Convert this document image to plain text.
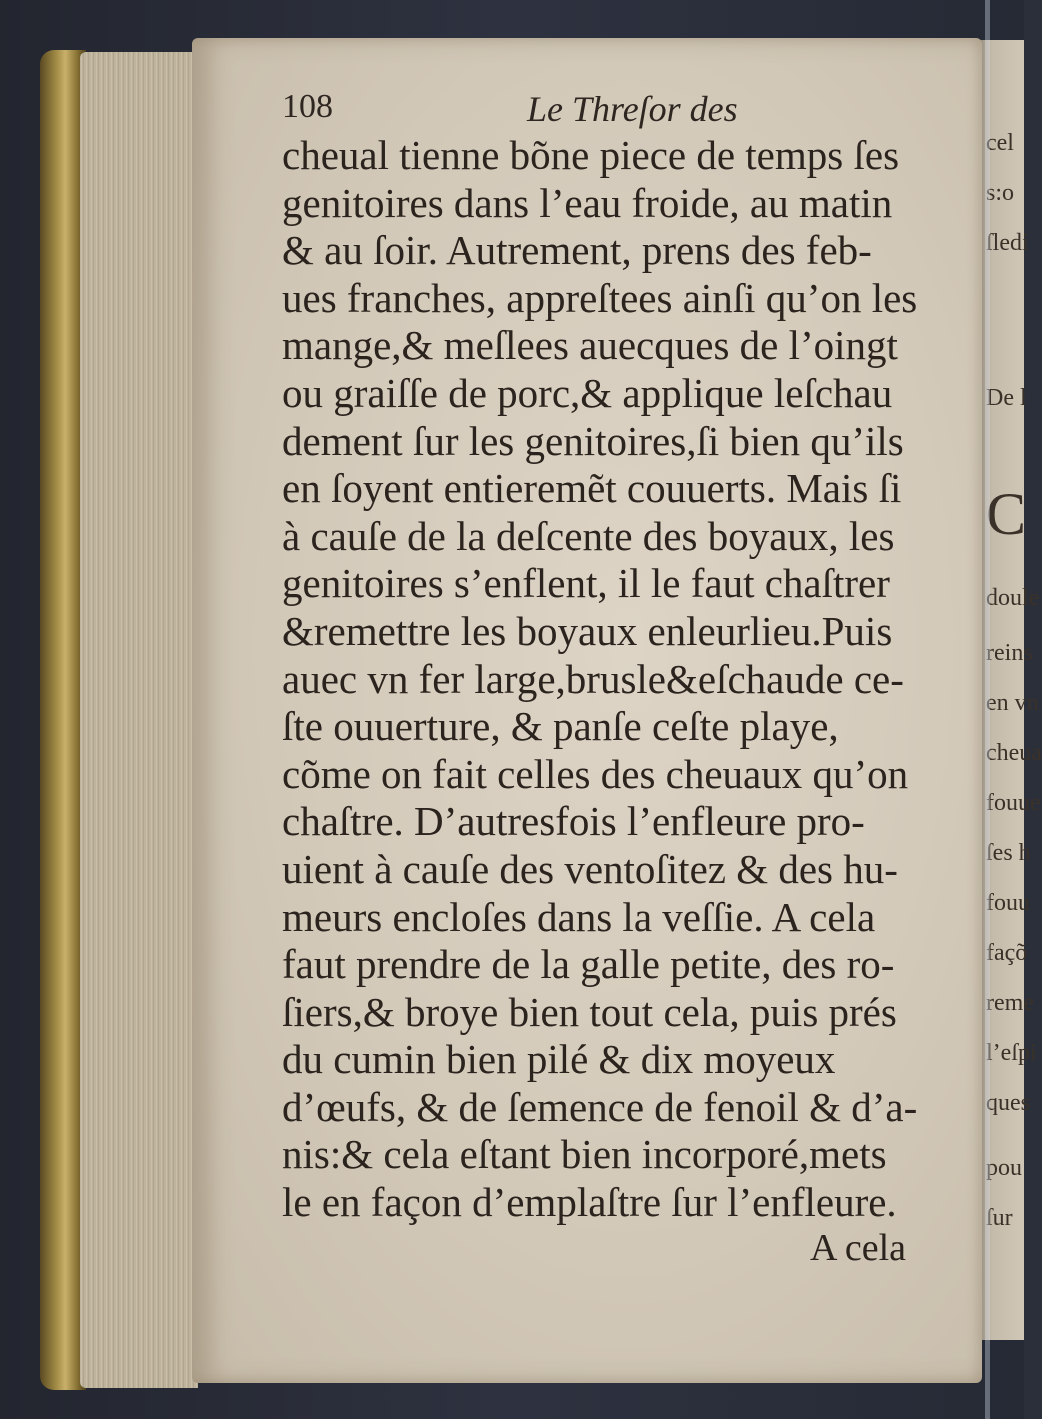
cel
s:o
ſledi
De l
C
doule
reins
en vn
cheua
fouue
ſes h
fouu
façõ
reme
l’eſpi
ques
pou
ſur
108	Le Threſor des
cheual tienne bõne piece de temps ſes
genitoires dans l’eau froide, au matin
& au ſoir. Autrement, prens des feb-
ues franches, appreſtees ainſi qu’on les
mange,& meſlees auecques de l’oingt
ou graiſſe de porc,& applique leſchau
dement ſur les genitoires,ſi bien qu’ils
en ſoyent entieremẽt couuerts. Mais ſi
à cauſe de la deſcente des boyaux, les
genitoires s’enflent, il le faut chaſtrer
&remettre les boyaux enleurlieu.Puis
auec vn fer large,brusle&eſchaude ce-
ſte ouuerture, & panſe ceſte playe,
cõme on fait celles des cheuaux qu’on
chaſtre. D’autresfois l’enfleure pro-
uient à cauſe des ventoſitez & des hu-
meurs encloſes dans la veſſie. A cela
faut prendre de la galle petite, des ro-
ſiers,& broye bien tout cela, puis prés
du cumin bien pilé & dix moyeux
d’œufs, & de ſemence de fenoil & d’a-
nis:& cela eſtant bien incorporé,mets
le en façon d’emplaſtre ſur l’enfleure.
A cela
